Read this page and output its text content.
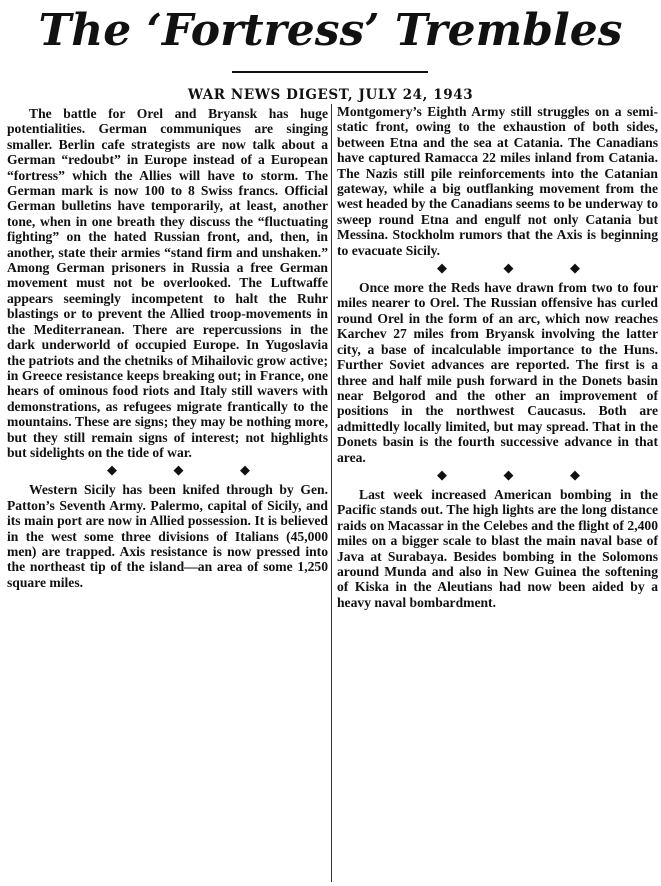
The ‘Fortress’ Trembles
WAR NEWS DIGEST, JULY 24, 1943

The battle for Orel and Bryansk has huge potentialities. German communiques are singing smaller. Berlin cafe strategists are now talk about a German “redoubt” in Europe instead of a European “fortress” which the Allies will have to storm. The German mark is now 100 to 8 Swiss francs. Official German bulletins have temporarily, at least, another tone, when in one breath they discuss the “fluctuating fighting” on the hated Russian front, and, then, in another, state their armies “stand firm and unshaken.” Among German prisoners in Russia a free German movement must not be overlooked. The Luftwaffe appears seemingly incompetent to halt the Ruhr blastings or to prevent the Allied troop-movements in the Mediterranean. There are repercussions in the dark underworld of occupied Europe. In Yugoslavia the patriots and the chetniks of Mihailovic grow active; in Greece resistance keeps breaking out; in France, one hears of ominous food riots and Italy still wavers with demonstrations, as refugees migrate frantically to the mountains. These are signs; they may be nothing more, but they still remain signs of interest; not highlights but sidelights on the tide of war.

◆ ◆ ◆

Western Sicily has been knifed through by Gen. Patton’s Seventh Army. Palermo, capital of Sicily, and its main port are now in Allied possession. It is believed in the west some three divisions of Italians (45,000 men) are trapped. Axis resistance is now pressed into the northeast tip of the island—an area of some 1,250 square miles.

Montgomery’s Eighth Army still struggles on a semi-static front, owing to the exhaustion of both sides, between Etna and the sea at Catania. The Canadians have captured Ramacca 22 miles inland from Catania. The Nazis still pile reinforcements into the Catanian gateway, while a big outflanking movement from the west headed by the Canadians seems to be underway to sweep round Etna and engulf not only Catania but Messina. Stockholm rumors that the Axis is beginning to evacuate Sicily.

◆ ◆ ◆

Once more the Reds have drawn from two to four miles nearer to Orel. The Russian offensive has curled round Orel in the form of an arc, which now reaches Karchev 27 miles from Bryansk involving the latter city, a base of incalculable importance to the Huns. Further Soviet advances are reported. The first is a three and half mile push forward in the Donets basin near Belgorod and the other an improvement of positions in the northwest Caucasus. Both are admittedly locally limited, but may spread. That in the Donets basin is the fourth successive advance in that area.

◆ ◆ ◆

Last week increased American bombing in the Pacific stands out. The high lights are the long distance raids on Macassar in the Celebes and the flight of 2,400 miles on a bigger scale to blast the main naval base of Java at Surabaya. Besides bombing in the Solomons around Munda and also in New Guinea the softening of Kiska in the Aleutians had now been aided by a heavy naval bombardment.
